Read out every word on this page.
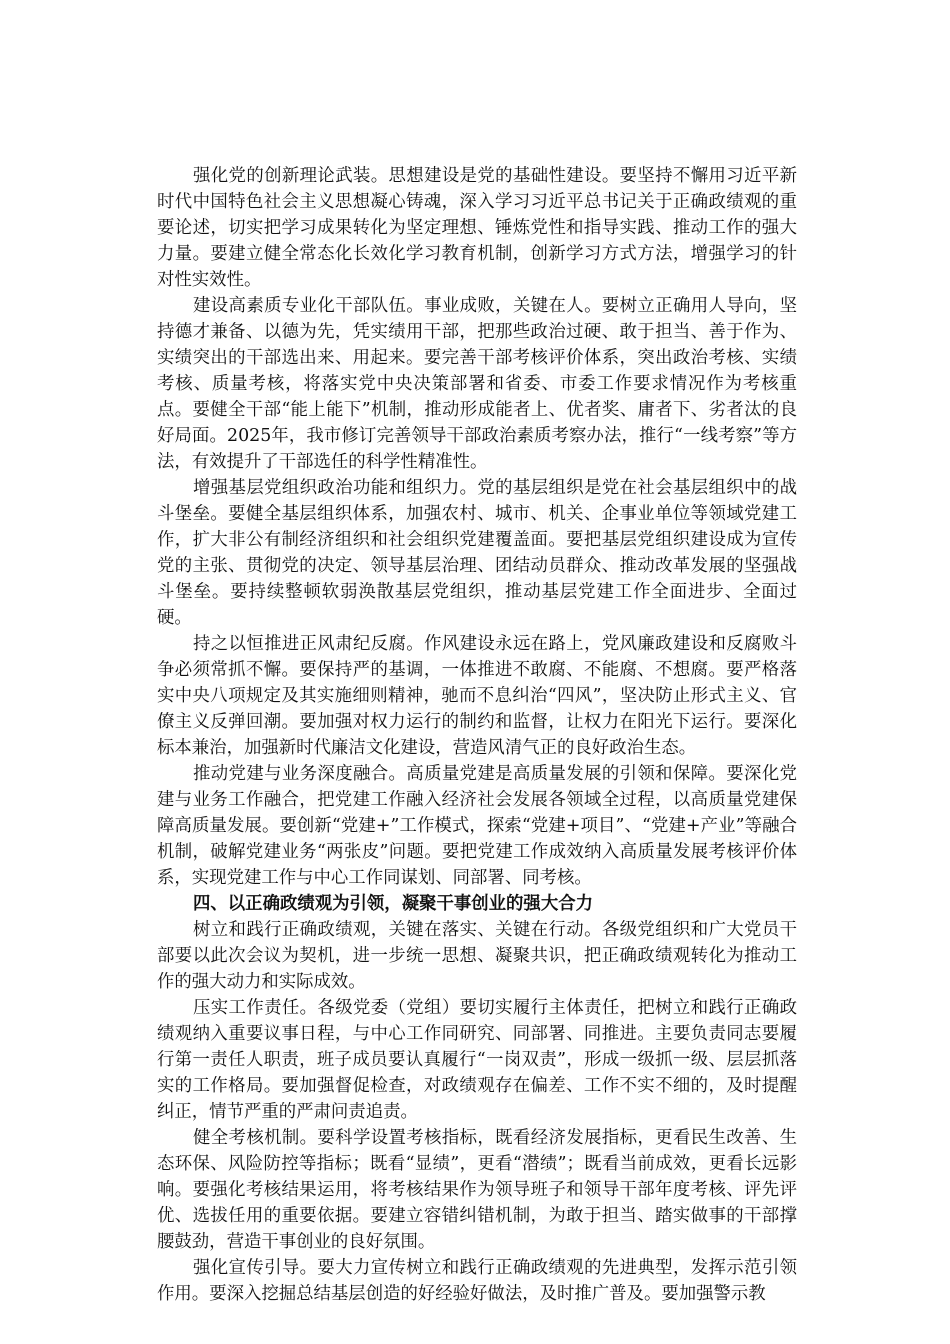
强化党的创新理论武装。思想建设是党的基础性建设。要坚持不懈用习近平新时代中国特色社会主义思想凝心铸魂，深入学习习近平总书记关于正确政绩观的重要论述，切实把学习成果转化为坚定理想、锤炼党性和指导实践、推动工作的强大力量。要建立健全常态化长效化学习教育机制，创新学习方式方法，增强学习的针对性实效性。

建设高素质专业化干部队伍。事业成败，关键在人。要树立正确用人导向，坚持德才兼备、以德为先，凭实绩用干部，把那些政治过硬、敢于担当、善于作为、实绩突出的干部选出来、用起来。要完善干部考核评价体系，突出政治考核、实绩考核、质量考核，将落实党中央决策部署和省委、市委工作要求情况作为考核重点。要健全干部“能上能下”机制，推动形成能者上、优者奖、庸者下、劣者汰的良好局面。2025年，我市修订完善领导干部政治素质考察办法，推行“一线考察”等方法，有效提升了干部选任的科学性精准性。

增强基层党组织政治功能和组织力。党的基层组织是党在社会基层组织中的战斗堡垒。要健全基层组织体系，加强农村、城市、机关、企事业单位等领域党建工作，扩大非公有制经济组织和社会组织党建覆盖面。要把基层党组织建设成为宣传党的主张、贯彻党的决定、领导基层治理、团结动员群众、推动改革发展的坚强战斗堡垒。要持续整顿软弱涣散基层党组织，推动基层党建工作全面进步、全面过硬。

持之以恒推进正风肃纪反腐。作风建设永远在路上，党风廉政建设和反腐败斗争必须常抓不懈。要保持严的基调，一体推进不敢腐、不能腐、不想腐。要严格落实中央八项规定及其实施细则精神，驰而不息纠治“四风”，坚决防止形式主义、官僚主义反弹回潮。要加强对权力运行的制约和监督，让权力在阳光下运行。要深化标本兼治，加强新时代廉洁文化建设，营造风清气正的良好政治生态。

推动党建与业务深度融合。高质量党建是高质量发展的引领和保障。要深化党建与业务工作融合，把党建工作融入经济社会发展各领域全过程，以高质量党建保障高质量发展。要创新“党建+”工作模式，探索“党建+项目”、“党建+产业”等融合机制，破解党建业务“两张皮”问题。要把党建工作成效纳入高质量发展考核评价体系，实现党建工作与中心工作同谋划、同部署、同考核。

四、以正确政绩观为引领，凝聚干事创业的强大合力

树立和践行正确政绩观，关键在落实、关键在行动。各级党组织和广大党员干部要以此次会议为契机，进一步统一思想、凝聚共识，把正确政绩观转化为推动工作的强大动力和实际成效。

压实工作责任。各级党委（党组）要切实履行主体责任，把树立和践行正确政绩观纳入重要议事日程，与中心工作同研究、同部署、同推进。主要负责同志要履行第一责任人职责，班子成员要认真履行“一岗双责”，形成一级抓一级、层层抓落实的工作格局。要加强督促检查，对政绩观存在偏差、工作不实不细的，及时提醒纠正，情节严重的严肃问责追责。

健全考核机制。要科学设置考核指标，既看经济发展指标，更看民生改善、生态环保、风险防控等指标；既看“显绩”，更看“潜绩”；既看当前成效，更看长远影响。要强化考核结果运用，将考核结果作为领导班子和领导干部年度考核、评先评优、选拔任用的重要依据。要建立容错纠错机制，为敢于担当、踏实做事的干部撑腰鼓劲，营造干事创业的良好氛围。

强化宣传引导。要大力宣传树立和践行正确政绩观的先进典型，发挥示范引领作用。要深入挖掘总结基层创造的好经验好做法，及时推广普及。要加强警示教
